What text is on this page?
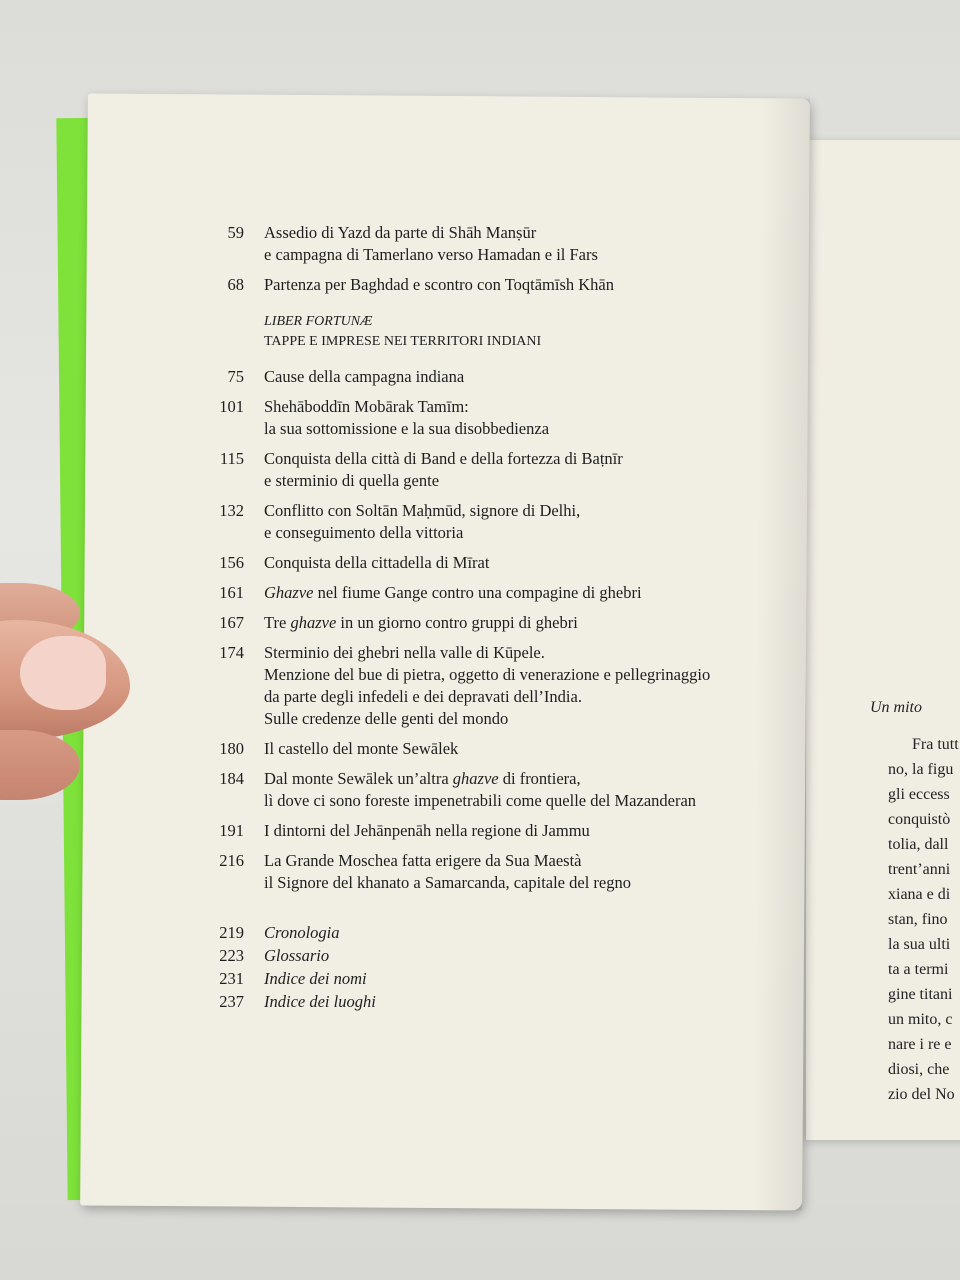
Un mito
Fra tutt
no, la figu
gli eccess
conquistò
tolia, dall
trent’anni
xiana e di
stan, fino
la sua ulti
ta a termi
gine titani
un mito, c
nare i re e
diosi, che
zio del No
59 Assedio di Yazd da parte di Shāh Manṣūr
e campagna di Tamerlano verso Hamadan e il Fars
68 Partenza per Baghdad e scontro con Toqtāmīsh Khān
LIBER FORTUNÆ
TAPPE E IMPRESE NEI TERRITORI INDIANI
75 Cause della campagna indiana
101 Shehāboddīn Mobārak Tamīm:
la sua sottomissione e la sua disobbedienza
115 Conquista della città di Band e della fortezza di Baṭnīr
e sterminio di quella gente
132 Conflitto con Soltān Maḥmūd, signore di Delhi,
e conseguimento della vittoria
156 Conquista della cittadella di Mīrat
161 Ghazve nel fiume Gange contro una compagine di ghebri
167 Tre ghazve in un giorno contro gruppi di ghebri
174 Sterminio dei ghebri nella valle di Kūpele.
Menzione del bue di pietra, oggetto di venerazione e pellegrinaggio
da parte degli infedeli e dei depravati dell’India.
Sulle credenze delle genti del mondo
180 Il castello del monte Sewālek
184 Dal monte Sewālek un’altra ghazve di frontiera,
lì dove ci sono foreste impenetrabili come quelle del Mazanderan
191 I dintorni del Jehānpenāh nella regione di Jammu
216 La Grande Moschea fatta erigere da Sua Maestà
il Signore del khanato a Samarcanda, capitale del regno
219 Cronologia
223 Glossario
231 Indice dei nomi
237 Indice dei luoghi
